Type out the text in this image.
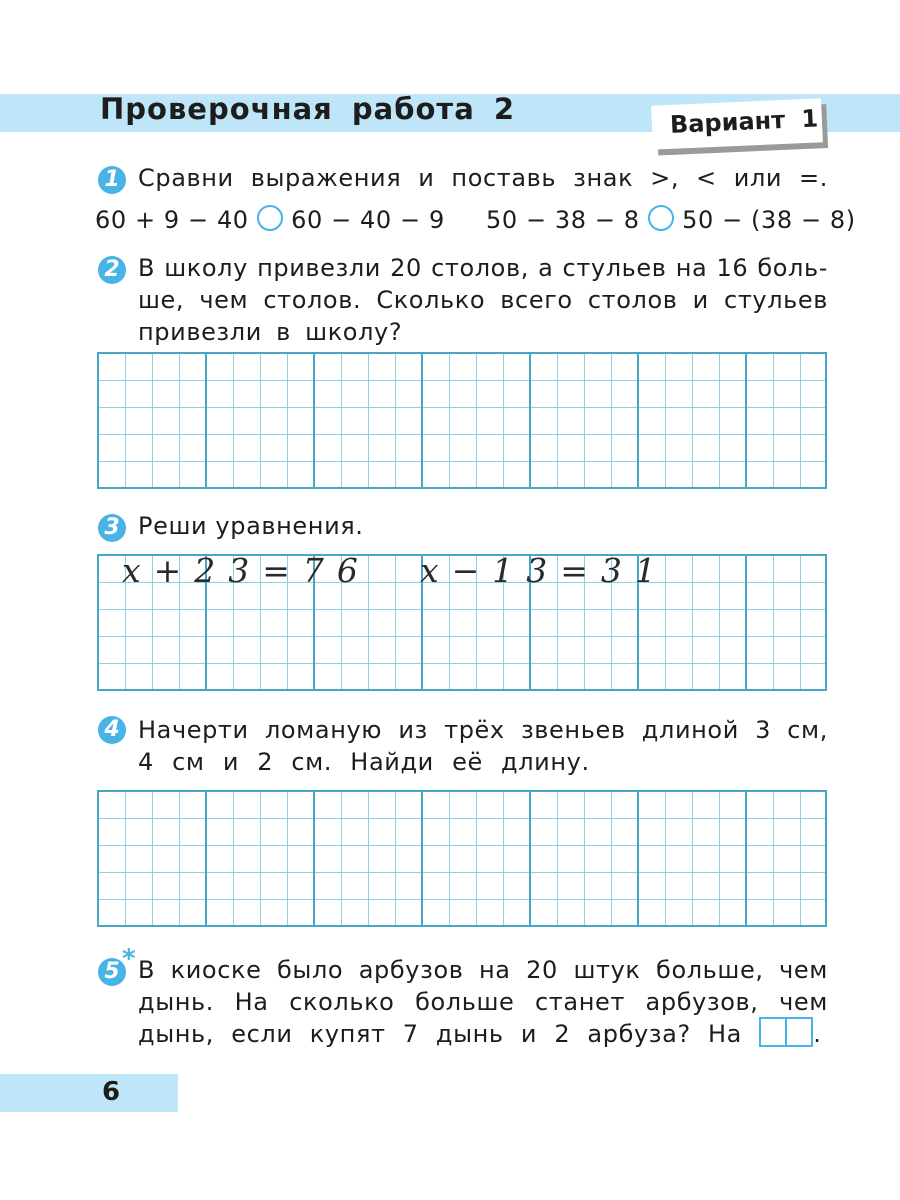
Проверочная работа 2	Вариант 1
1 Сравни выражения и поставь знак >, < или =.
60 + 9 − 40 60 − 40 − 9 50 − 38 − 8 50 − (38 − 8)
2 В школу привезли 20 столов, а стульев на 16 боль-
ше, чем столов. Сколько всего столов и стульев
привезли в школу?
3 Реши уравнения.
x+23=76 x−13=31
4 Начерти ломаную из трёх звеньев длиной 3 см,
4 см и 2 см. Найди её длину.
5 * В киоске было арбузов на 20 штук больше, чем
дынь. На сколько больше станет арбузов, чем
дынь, если купят 7 дынь и 2 арбуза? На	.
6
